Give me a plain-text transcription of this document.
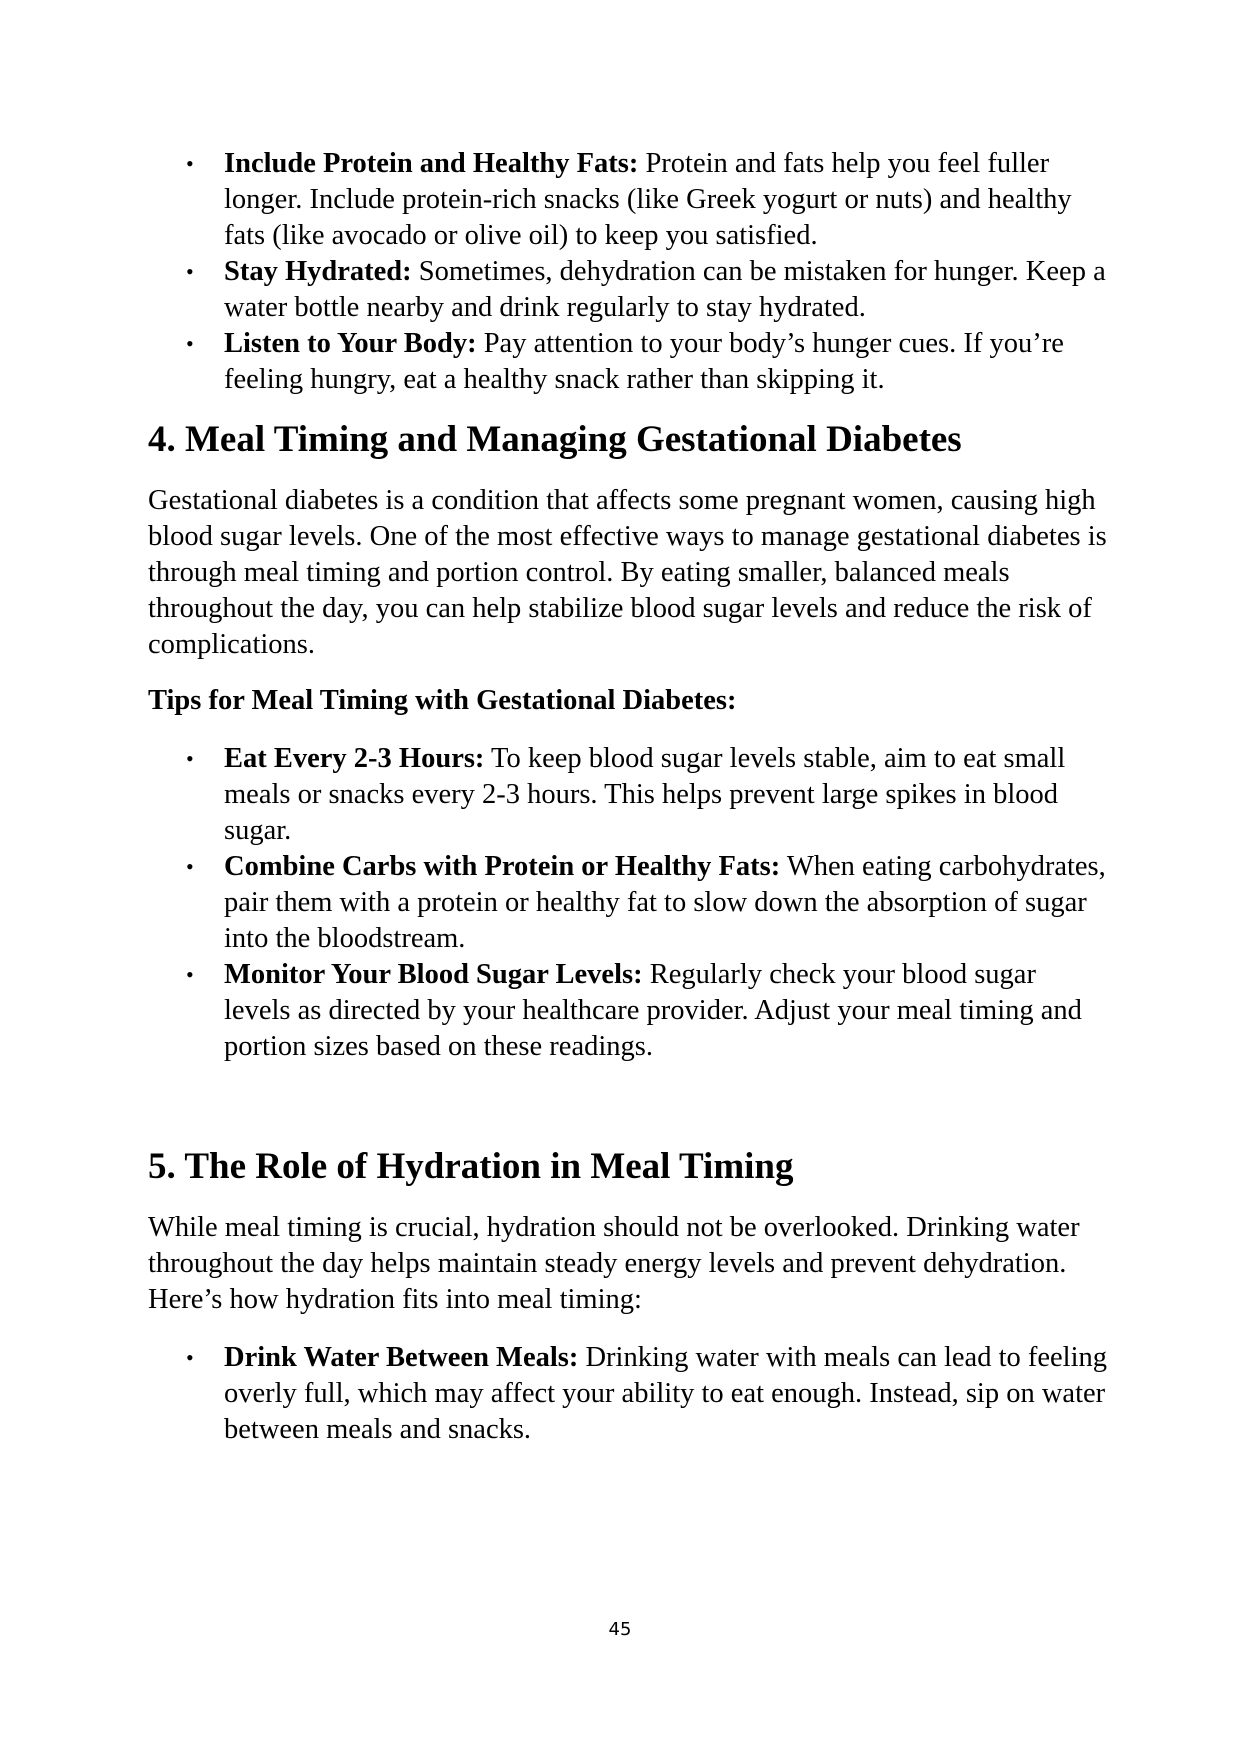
• Include Protein and Healthy Fats: Protein and fats help you feel fuller longer. Include protein-rich snacks (like Greek yogurt or nuts) and healthy fats (like avocado or olive oil) to keep you satisfied.
• Stay Hydrated: Sometimes, dehydration can be mistaken for hunger. Keep a water bottle nearby and drink regularly to stay hydrated.
• Listen to Your Body: Pay attention to your body’s hunger cues. If you’re feeling hungry, eat a healthy snack rather than skipping it.
4. Meal Timing and Managing Gestational Diabetes

Gestational diabetes is a condition that affects some pregnant women, causing high blood sugar levels. One of the most effective ways to manage gestational diabetes is through meal timing and portion control. By eating smaller, balanced meals throughout the day, you can help stabilize blood sugar levels and reduce the risk of complications.

Tips for Meal Timing with Gestational Diabetes:

• Eat Every 2-3 Hours: To keep blood sugar levels stable, aim to eat small meals or snacks every 2-3 hours. This helps prevent large spikes in blood sugar.
• Combine Carbs with Protein or Healthy Fats: When eating carbohydrates, pair them with a protein or healthy fat to slow down the absorption of sugar into the bloodstream.
• Monitor Your Blood Sugar Levels: Regularly check your blood sugar levels as directed by your healthcare provider. Adjust your meal timing and portion sizes based on these readings.
5. The Role of Hydration in Meal Timing

While meal timing is crucial, hydration should not be overlooked. Drinking water throughout the day helps maintain steady energy levels and prevent dehydration. Here’s how hydration fits into meal timing:

• Drink Water Between Meals: Drinking water with meals can lead to feeling overly full, which may affect your ability to eat enough. Instead, sip on water between meals and snacks.
45
